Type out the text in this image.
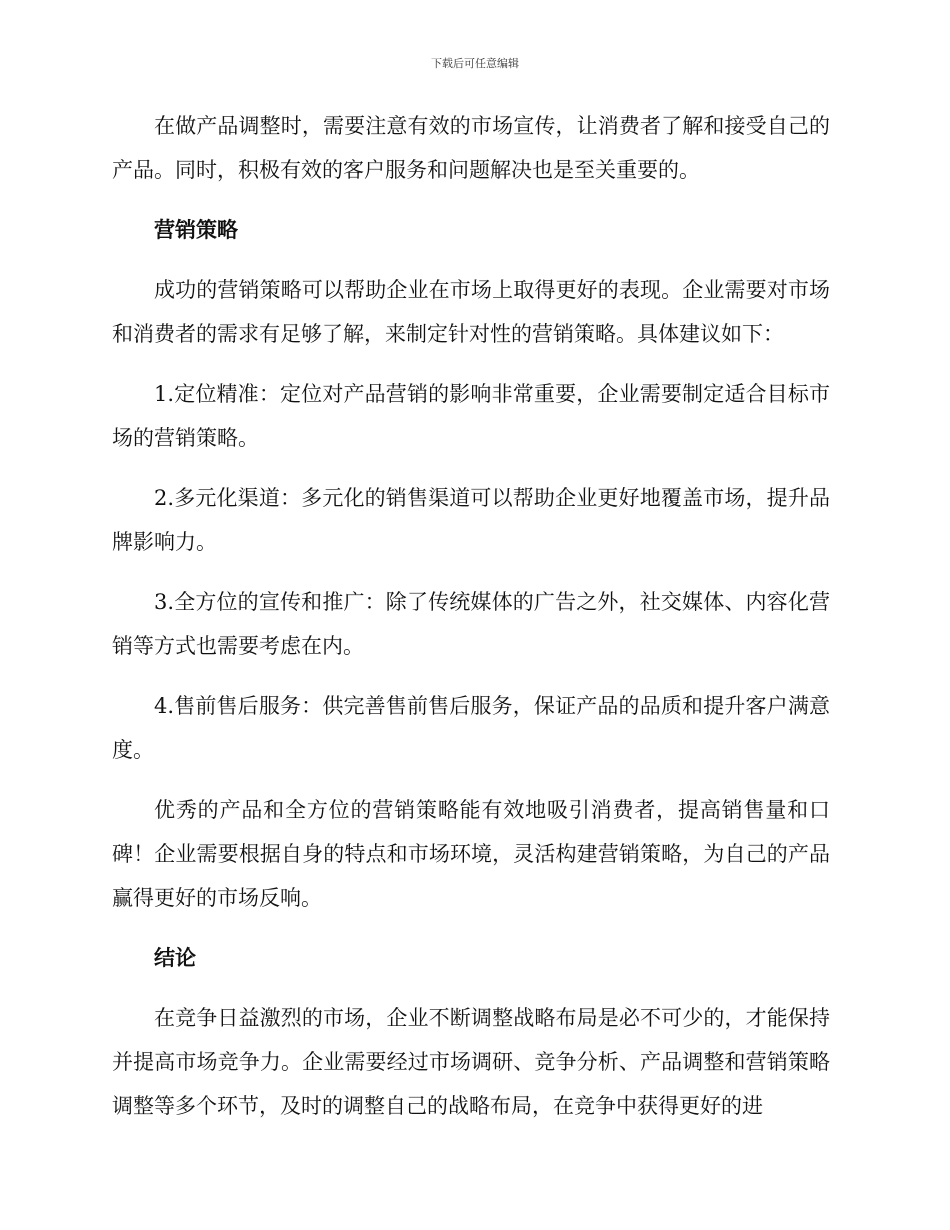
下载后可任意编辑

在做产品调整时，需要注意有效的市场宣传，让消费者了解和接受自己的产品。同时，积极有效的客户服务和问题解决也是至关重要的。

营销策略

成功的营销策略可以帮助企业在市场上取得更好的表现。企业需要对市场和消费者的需求有足够了解，来制定针对性的营销策略。具体建议如下：

1.定位精准：定位对产品营销的影响非常重要，企业需要制定适合目标市场的营销策略。

2.多元化渠道：多元化的销售渠道可以帮助企业更好地覆盖市场，提升品牌影响力。

3.全方位的宣传和推广：除了传统媒体的广告之外，社交媒体、内容化营销等方式也需要考虑在内。

4.售前售后服务：供完善售前售后服务，保证产品的品质和提升客户满意度。

优秀的产品和全方位的营销策略能有效地吸引消费者，提高销售量和口碑！企业需要根据自身的特点和市场环境，灵活构建营销策略，为自己的产品赢得更好的市场反响。

结论

在竞争日益激烈的市场，企业不断调整战略布局是必不可少的，才能保持并提高市场竞争力。企业需要经过市场调研、竞争分析、产品调整和营销策略调整等多个环节，及时的调整自己的战略布局，在竞争中获得更好的进
